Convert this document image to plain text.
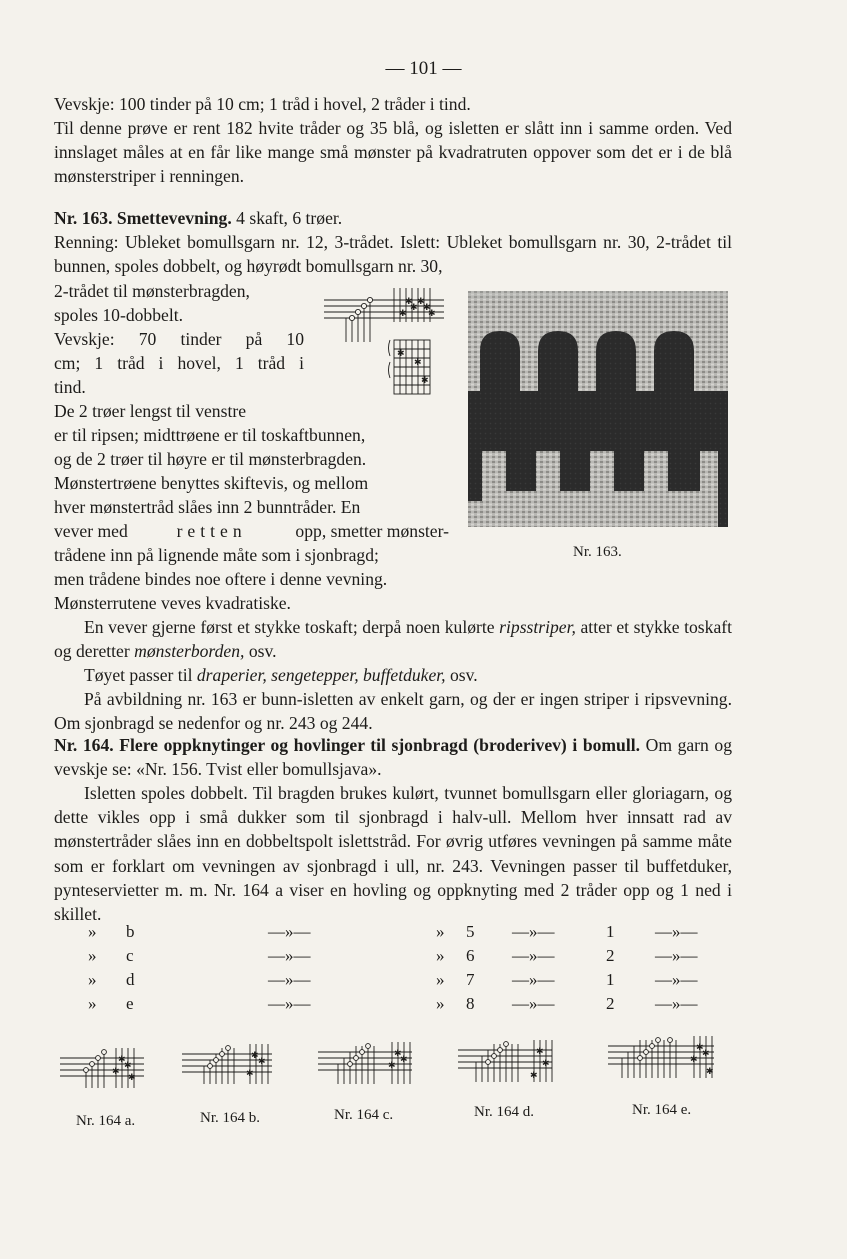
— 101 —

Vevskje: 100 tinder på 10 cm; 1 tråd i hovel, 2 tråder i tind.

Til denne prøve er rent 182 hvite tråder og 35 blå, og isletten er slått inn i samme orden. Ved innslaget måles at en får like mange små mønster på kvadratruten oppover som det er i de blå mønsterstriper i renningen.

Nr. 163. Smettevevning. 4 skaft, 6 trøer.

Renning: Ubleket bomullsgarn nr. 12, 3-trådet. Islett: Ubleket bomullsgarn nr. 30, 2-trådet til bunnen, spoles dobbelt, og høyrødt bomullsgarn nr. 30,

2-trådet til mønsterbragden,

spoles 10-dobbelt.

Vevskje: 70 tinder på 10

cm; 1 tråd i hovel, 1 tråd i

tind.

De 2 trøer lengst til venstre

er til ripsen; midttrøene er til toskaftbunnen,

og de 2 trøer til høyre er til mønsterbragden.

Mønstertrøene benyttes skiftevis, og mellom

hver mønstertråd slåes inn 2 bunntråder. En

vever med	retten	opp, smetter mønster-

trådene inn på lignende måte som i sjonbragd;

men trådene bindes noe oftere i denne vevning.

Mønsterrutene veves kvadratiske.

En vever gjerne først et stykke toskaft; derpå noen kulørte ripsstriper, atter et stykke toskaft og deretter mønsterborden, osv.

Tøyet passer til draperier, sengetepper, buffetduker, osv.

På avbildning nr. 163 er bunn-isletten av enkelt garn, og der er ingen striper i ripsvevning. Om sjonbragd se nedenfor og nr. 243 og 244.

✱ ✱
✱ ✱
✱ ✱
✱
✱
✱
Nr. 163.

Nr. 164. Flere oppknytinger og hovlinger til sjonbragd (broderivev) i bomull. Om garn og vevskje se: «Nr. 156. Tvist eller bomullsjava».

Isletten spoles dobbelt. Til bragden brukes kulørt, tvunnet bomullsgarn eller gloriagarn, og dette vikles opp i små dukker som til sjonbragd i halv-ull. Mellom hver innsatt rad av mønstertråder slåes inn en dobbeltspolt islettstråd. For øvrig utføres vevningen på samme måte som er forklart om vevningen av sjonbragd i ull, nr. 243. Vevningen passer til buffetduker, pynteservietter m. m. Nr. 164 a viser en hovling og oppknyting med 2 tråder opp og 1 ned i skillet.

» b	—»—	» 5 —»—	1 —»—
» c	—»—	» 6 —»—	2 —»—
» d	—»—	» 7 —»—	1 —»—
» e	—»—	» 8 —»—	2 —»—
✱
✱
✱
✱
✱
✱
✱
✱
✱
✱
✱
✱
✱
✱
✱
✱
✱
Nr. 164 a.	Nr. 164 b.	Nr. 164 c.	Nr. 164 d.	Nr. 164 e.
